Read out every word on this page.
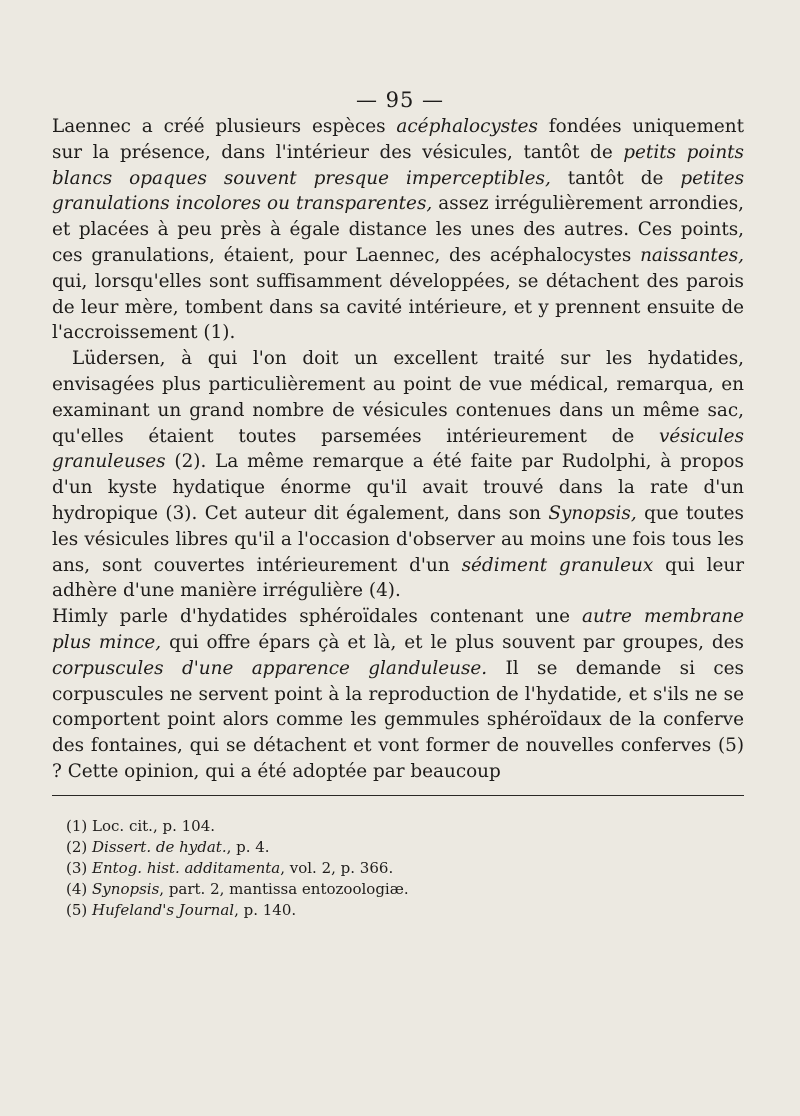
— 95 —

Laennec a créé plusieurs espèces acéphalocystes fondées uniquement sur la présence, dans l'intérieur des vésicules, tantôt de petits points blancs opaques souvent presque imperceptibles, tantôt de petites granulations incolores ou transparentes, assez irrégulièrement arrondies, et placées à peu près à égale distance les unes des autres. Ces points, ces granulations, étaient, pour Laennec, des acéphalocystes naissantes, qui, lorsqu'elles sont suffisamment développées, se détachent des parois de leur mère, tombent dans sa cavité intérieure, et y prennent ensuite de l'accroissement (1).

Lüdersen, à qui l'on doit un excellent traité sur les hydatides, envisagées plus particulièrement au point de vue médical, remarqua, en examinant un grand nombre de vésicules contenues dans un même sac, qu'elles étaient toutes parsemées intérieurement de vésicules granuleuses (2). La même remarque a été faite par Rudolphi, à propos d'un kyste hydatique énorme qu'il avait trouvé dans la rate d'un hydropique (3). Cet auteur dit également, dans son Synopsis, que toutes les vésicules libres qu'il a l'occasion d'observer au moins une fois tous les ans, sont couvertes intérieurement d'un sédiment granuleux qui leur adhère d'une manière irrégulière (4).

Himly parle d'hydatides sphéroïdales contenant une autre membrane plus mince, qui offre épars çà et là, et le plus souvent par groupes, des corpuscules d'une apparence glanduleuse. Il se demande si ces corpuscules ne servent point à la reproduction de l'hydatide, et s'ils ne se comportent point alors comme les gemmules sphéroïdaux de la conferve des fontaines, qui se détachent et vont former de nouvelles conferves (5) ? Cette opinion, qui a été adoptée par beaucoup

(1) Loc. cit., p. 104.
(2) Dissert. de hydat., p. 4.
(3) Entog. hist. additamenta, vol. 2, p. 366.
(4) Synopsis, part. 2, mantissa entozoologiæ.
(5) Hufeland's Journal, p. 140.
